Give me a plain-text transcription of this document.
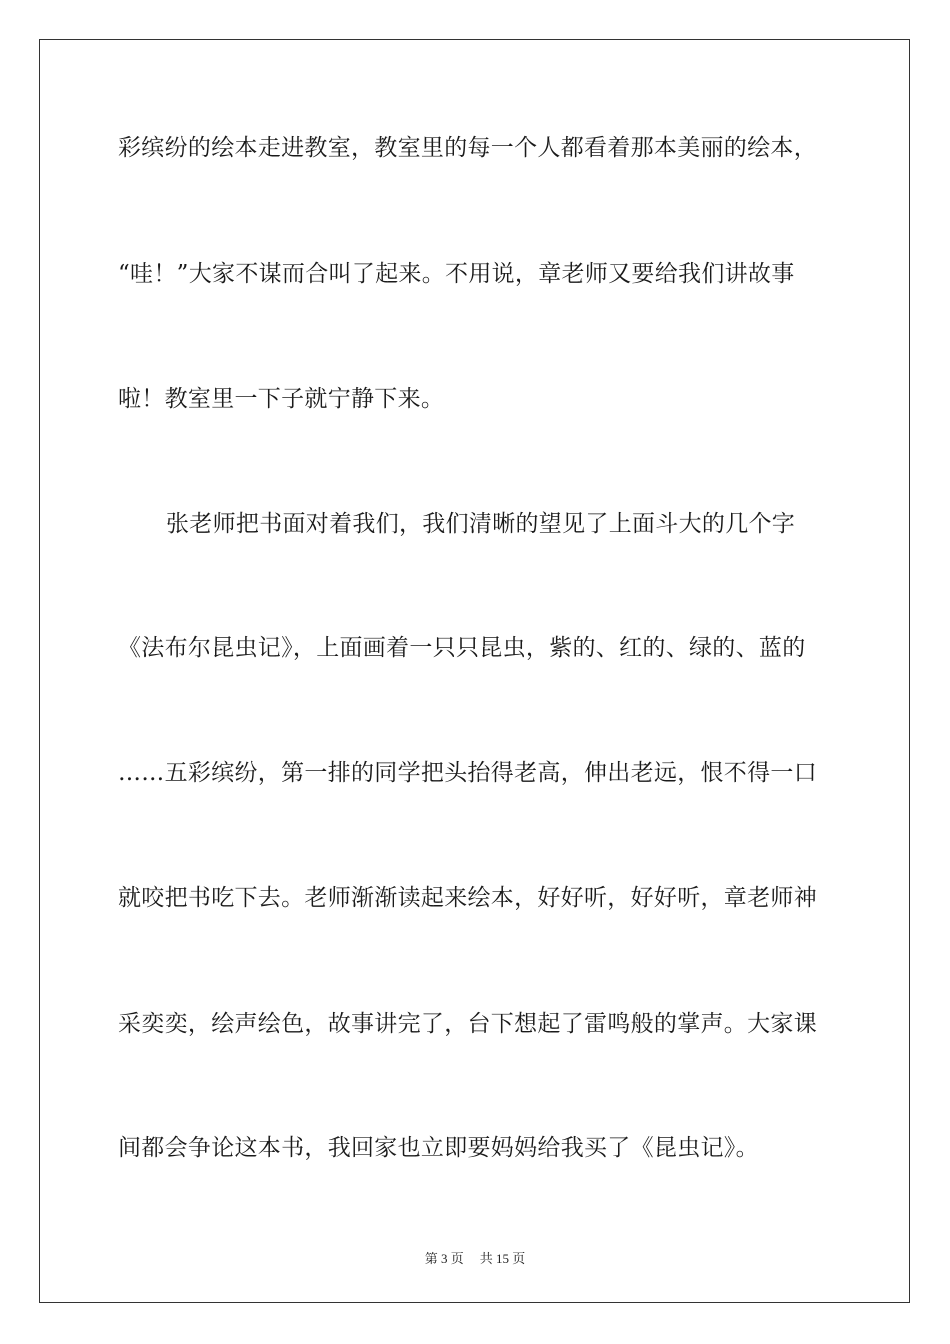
彩缤纷的绘本走进教室，教室里的每一个人都看着那本美丽的绘本，
“哇！”大家不谋而合叫了起来。不用说，章老师又要给我们讲故事
啦！教室里一下子就宁静下来。
张老师把书面对着我们，我们清晰的望见了上面斗大的几个字
《法布尔昆虫记》，上面画着一只只昆虫，紫的、红的、绿的、蓝的
……五彩缤纷，第一排的同学把头抬得老高，伸出老远，恨不得一口
就咬把书吃下去。老师渐渐读起来绘本，好好听，好好听，章老师神
采奕奕，绘声绘色，故事讲完了，台下想起了雷鸣般的掌声。大家课
间都会争论这本书，我回家也立即要妈妈给我买了《昆虫记》。
第 3 页 共 15 页
